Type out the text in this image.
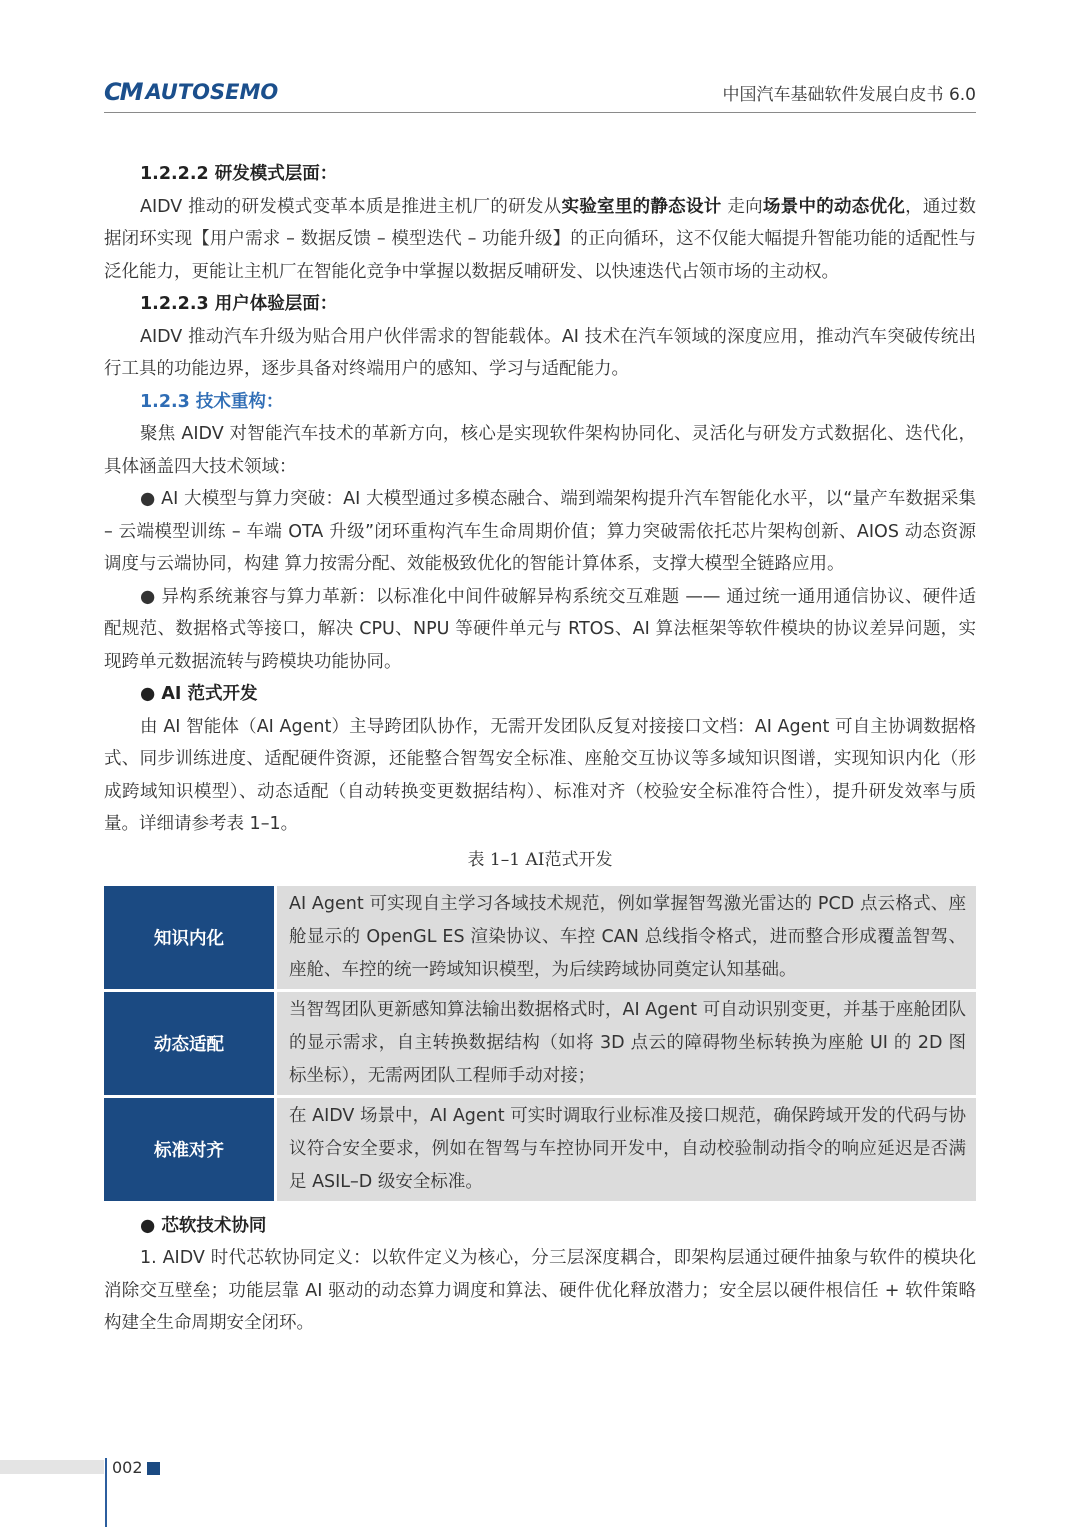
CM AUTOSEMO	中国汽车基础软件发展白皮书 6.0

1.2.2.2 研发模式层面：

AIDV 推动的研发模式变革本质是推进主机厂的研发从实验室里的静态设计 走向场景中的动态优化，通过数据闭环实现【用户需求 – 数据反馈 – 模型迭代 – 功能升级】的正向循环，这不仅能大幅提升智能功能的适配性与泛化能力，更能让主机厂在智能化竞争中掌握以数据反哺研发、以快速迭代占领市场的主动权。

1.2.2.3 用户体验层面：

AIDV 推动汽车升级为贴合用户伙伴需求的智能载体。AI 技术在汽车领域的深度应用，推动汽车突破传统出行工具的功能边界，逐步具备对终端用户的感知、学习与适配能力。

1.2.3 技术重构：

聚焦 AIDV 对智能汽车技术的革新方向，核心是实现软件架构协同化、灵活化与研发方式数据化、迭代化，具体涵盖四大技术领域：

● AI 大模型与算力突破：AI 大模型通过多模态融合、端到端架构提升汽车智能化水平，以“量产车数据采集 – 云端模型训练 – 车端 OTA 升级”闭环重构汽车生命周期价值；算力突破需依托芯片架构创新、AIOS 动态资源调度与云端协同，构建 算力按需分配、效能极致优化的智能计算体系，支撑大模型全链路应用。

● 异构系统兼容与算力革新：以标准化中间件破解异构系统交互难题 —— 通过统一通用通信协议、硬件适配规范、数据格式等接口，解决 CPU、NPU 等硬件单元与 RTOS、AI 算法框架等软件模块的协议差异问题，实现跨单元数据流转与跨模块功能协同。

● AI 范式开发

由 AI 智能体（AI Agent）主导跨团队协作，无需开发团队反复对接接口文档：AI Agent 可自主协调数据格式、同步训练进度、适配硬件资源，还能整合智驾安全标准、座舱交互协议等多域知识图谱，实现知识内化（形成跨域知识模型）、动态适配（自动转换变更数据结构）、标准对齐（校验安全标准符合性），提升研发效率与质量。详细请参考表 1–1。

表 1–1 AI范式开发
知识内化	AI Agent 可实现自主学习各域技术规范，例如掌握智驾激光雷达的 PCD 点云格式、座舱显示的 OpenGL ES 渲染协议、车控 CAN 总线指令格式，进而整合形成覆盖智驾、座舱、车控的统一跨域知识模型，为后续跨域协同奠定认知基础。
动态适配	当智驾团队更新感知算法输出数据格式时，AI Agent 可自动识别变更，并基于座舱团队的显示需求，自主转换数据结构（如将 3D 点云的障碍物坐标转换为座舱 UI 的 2D 图标坐标），无需两团队工程师手动对接；
标准对齐	在 AIDV 场景中，AI Agent 可实时调取行业标准及接口规范，确保跨域开发的代码与协议符合安全要求，例如在智驾与车控协同开发中，自动校验制动指令的响应延迟是否满足 ASIL–D 级安全标准。

● 芯软技术协同

1. AIDV 时代芯软协同定义：以软件定义为核心，分三层深度耦合，即架构层通过硬件抽象与软件的模块化消除交互壁垒；功能层靠 AI 驱动的动态算力调度和算法、硬件优化释放潜力；安全层以硬件根信任 + 软件策略构建全生命周期安全闭环。

002
